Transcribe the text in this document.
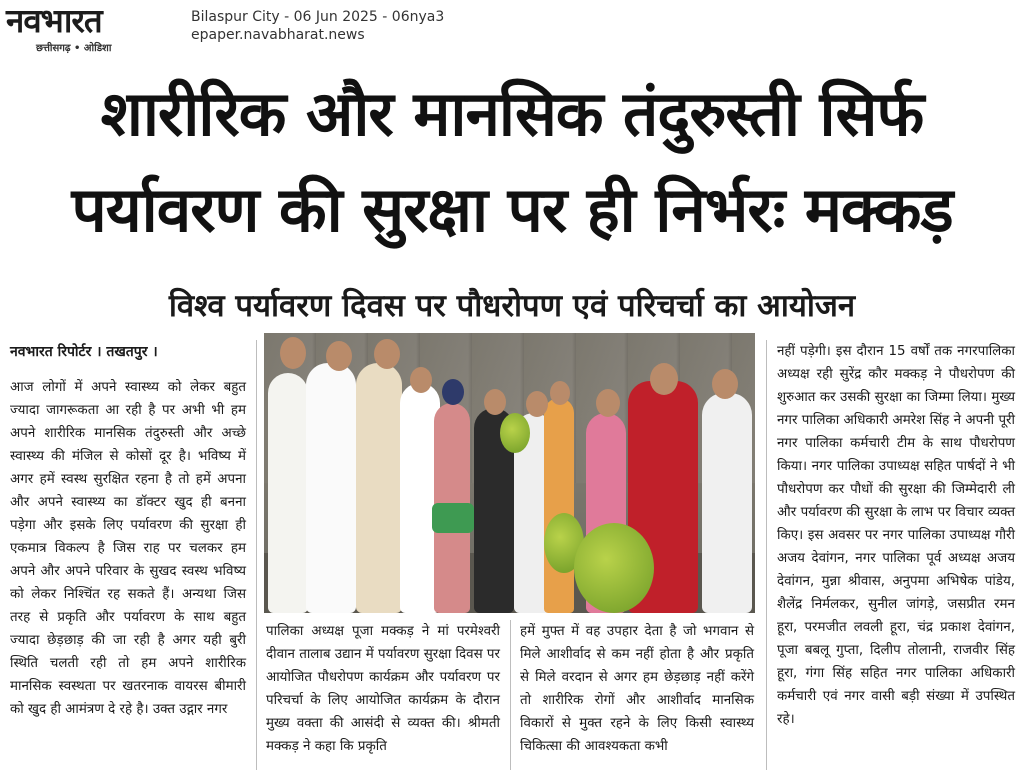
नवभारत
छत्तीसगढ़ • ओडिशा
Bilaspur City - 06 Jun 2025 - 06nya3
epaper.navabharat.news
शारीरिक और मानसिक तंदुरुस्ती सिर्फ
पर्यावरण की सुरक्षा पर ही निर्भरः मक्कड़
विश्व पर्यावरण दिवस पर पौधरोपण एवं परिचर्चा का आयोजन
नवभारत रिपोर्टर । तखतपुर ।

आज लोगों में अपने स्वास्थ्य को लेकर बहुत ज्यादा जागरूकता आ रही है पर अभी भी हम अपने शारीरिक मानसिक तंदुरुस्ती और अच्छे स्वास्थ्य की मंजिल से कोसों दूर है। भविष्य में अगर हमें स्वस्थ सुरक्षित रहना है तो हमें अपना और अपने स्वास्थ्य का डॉक्टर खुद ही बनना पड़ेगा और इसके लिए पर्यावरण की सुरक्षा ही एकमात्र विकल्प है जिस राह पर चलकर हम अपने और अपने परिवार के सुखद स्वस्थ भविष्य को लेकर निश्चिंत रह सकते हैं। अन्यथा जिस तरह से प्रकृति और पर्यावरण के साथ बहुत ज्यादा छेड़छाड़ की जा रही है अगर यही बुरी स्थिति चलती रही तो हम अपने शारीरिक मानसिक स्वस्थता पर खतरनाक वायरस बीमारी को खुद ही आमंत्रण दे रहे है। उक्त उद्गार नगर

पालिका अध्यक्ष पूजा मक्कड़ ने मां परमेश्वरी दीवान तालाब उद्यान में पर्यावरण सुरक्षा दिवस पर आयोजित पौधरोपण कार्यक्रम और पर्यावरण पर परिचर्चा के लिए आयोजित कार्यक्रम के दौरान मुख्य वक्ता की आसंदी से व्यक्त की। श्रीमती मक्कड़ ने कहा कि प्रकृति

हमें मुफ्त में वह उपहार देता है जो भगवान से मिले आशीर्वाद से कम नहीं होता है और प्रकृति से मिले वरदान से अगर हम छेड़छाड़ नहीं करेंगे तो शारीरिक रोगों और आशीर्वाद मानसिक विकारों से मुक्त रहने के लिए किसी स्वास्थ्य चिकित्सा की आवश्यकता कभी

नहीं पड़ेगी। इस दौरान 15 वर्षों तक नगरपालिका अध्यक्ष रही सुरेंद्र कौर मक्कड़ ने पौधरोपण की शुरुआत कर उसकी सुरक्षा का जिम्मा लिया। मुख्य नगर पालिका अधिकारी अमरेश सिंह ने अपनी पूरी नगर पालिका कर्मचारी टीम के साथ पौधरोपण किया। नगर पालिका उपाध्यक्ष सहित पार्षदों ने भी पौधरोपण कर पौधों की सुरक्षा की जिम्मेदारी ली और पर्यावरण की सुरक्षा के लाभ पर विचार व्यक्त किए। इस अवसर पर नगर पालिका उपाध्यक्ष गौरी अजय देवांगन, नगर पालिका पूर्व अध्यक्ष अजय देवांगन, मुन्ना श्रीवास, अनुपमा अभिषेक पांडेय, शैलेंद्र निर्मलकर, सुनील जांगड़े, जसप्रीत रमन हूरा, परमजीत लवली हूरा, चंद्र प्रकाश देवांगन, पूजा बबलू गुप्ता, दिलीप तोलानी, राजवीर सिंह हूरा, गंगा सिंह सहित नगर पालिका अधिकारी कर्मचारी एवं नगर वासी बड़ी संख्या में उपस्थित रहे।
